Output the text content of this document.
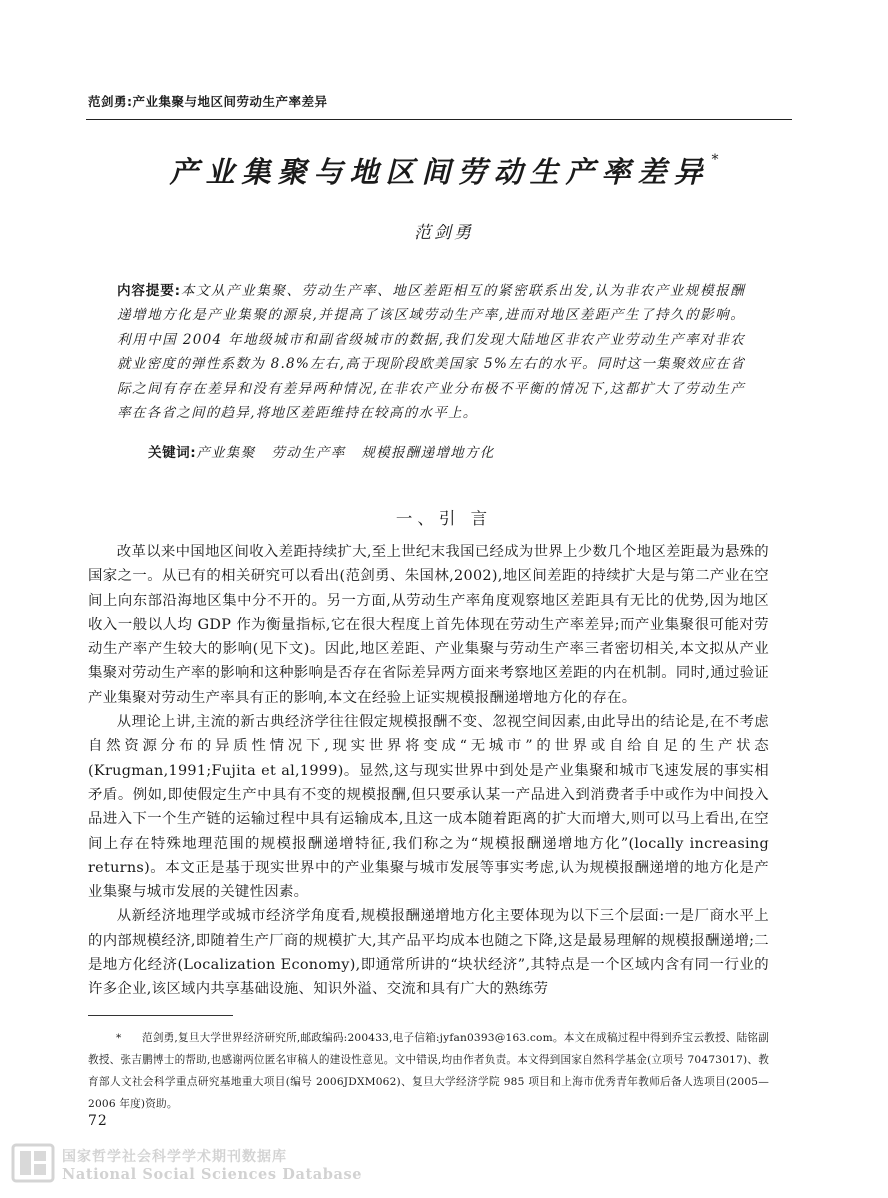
范剑勇:产业集聚与地区间劳动生产率差异
产业集聚与地区间劳动生产率差异 *
范剑勇
内容提要:本文从产业集聚、劳动生产率、地区差距相互的紧密联系出发,认为非农产业规模报酬递增地方化是产业集聚的源泉,并提高了该区域劳动生产率,进而对地区差距产生了持久的影响。利用中国 2004 年地级城市和副省级城市的数据,我们发现大陆地区非农产业劳动生产率对非农就业密度的弹性系数为 8.8%左右,高于现阶段欧美国家 5%左右的水平。同时这一集聚效应在省际之间有存在差异和没有差异两种情况,在非农产业分布极不平衡的情况下,这都扩大了劳动生产率在各省之间的趋异,将地区差距维持在较高的水平上。
关键词:产业集聚 劳动生产率 规模报酬递增地方化
一、引 言

改革以来中国地区间收入差距持续扩大,至上世纪末我国已经成为世界上少数几个地区差距最为悬殊的国家之一。从已有的相关研究可以看出(范剑勇、朱国林,2002),地区间差距的持续扩大是与第二产业在空间上向东部沿海地区集中分不开的。另一方面,从劳动生产率角度观察地区差距具有无比的优势,因为地区收入一般以人均 GDP 作为衡量指标,它在很大程度上首先体现在劳动生产率差异;而产业集聚很可能对劳动生产率产生较大的影响(见下文)。因此,地区差距、产业集聚与劳动生产率三者密切相关,本文拟从产业集聚对劳动生产率的影响和这种影响是否存在省际差异两方面来考察地区差距的内在机制。同时,通过验证产业集聚对劳动生产率具有正的影响,本文在经验上证实规模报酬递增地方化的存在。

从理论上讲,主流的新古典经济学往往假定规模报酬不变、忽视空间因素,由此导出的结论是,在不考虑自然资源分布的异质性情况下,现实世界将变成“无城市”的世界或自给自足的生产状态(Krugman,1991;Fujita et al,1999)。显然,这与现实世界中到处是产业集聚和城市飞速发展的事实相矛盾。例如,即使假定生产中具有不变的规模报酬,但只要承认某一产品进入到消费者手中或作为中间投入品进入下一个生产链的运输过程中具有运输成本,且这一成本随着距离的扩大而增大,则可以马上看出,在空间上存在特殊地理范围的规模报酬递增特征,我们称之为“规模报酬递增地方化”(locally increasing returns)。本文正是基于现实世界中的产业集聚与城市发展等事实考虑,认为规模报酬递增的地方化是产业集聚与城市发展的关键性因素。

从新经济地理学或城市经济学角度看,规模报酬递增地方化主要体现为以下三个层面:一是厂商水平上的内部规模经济,即随着生产厂商的规模扩大,其产品平均成本也随之下降,这是最易理解的规模报酬递增;二是地方化经济(Localization Economy),即通常所讲的“块状经济”,其特点是一个区域内含有同一行业的许多企业,该区域内共享基础设施、知识外溢、交流和具有广大的熟练劳

* 范剑勇,复旦大学世界经济研究所,邮政编码:200433,电子信箱:jyfan0393@163.com。本文在成稿过程中得到乔宝云教授、陆铭副教授、张吉鹏博士的帮助,也感谢两位匿名审稿人的建设性意见。文中错误,均由作者负责。本文得到国家自然科学基金(立项号 70473017)、教育部人文社会科学重点研究基地重大项目(编号 2006JDXM062)、复旦大学经济学院 985 项目和上海市优秀青年教师后备人选项目(2005—2006 年度)资助。
72
国家哲学社会科学学术期刊数据库
National Social Sciences Database
